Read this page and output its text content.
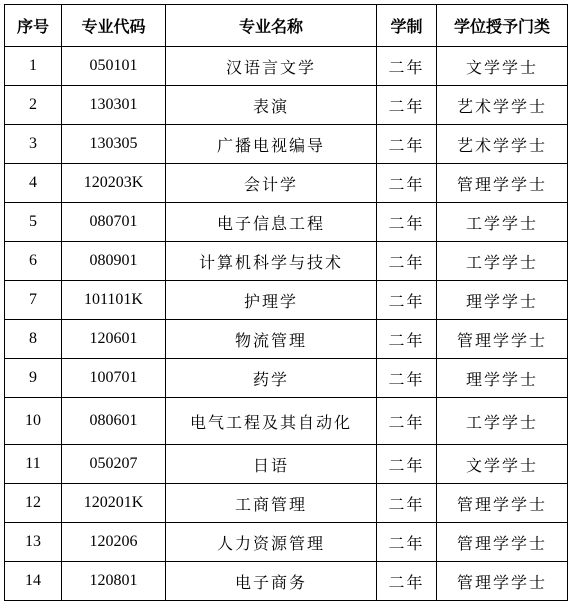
序号	专业代码	专业名称	学制	学位授予门类
1	050101	汉语言文学	二年	文学学士
2	130301	表演	二年	艺术学学士
3	130305	广播电视编导	二年	艺术学学士
4	120203K	会计学	二年	管理学学士
5	080701	电子信息工程	二年	工学学士
6	080901	计算机科学与技术	二年	工学学士
7	101101K	护理学	二年	理学学士
8	120601	物流管理	二年	管理学学士
9	100701	药学	二年	理学学士
10	080601	电气工程及其自动化	二年	工学学士
11	050207	日语	二年	文学学士
12	120201K	工商管理	二年	管理学学士
13	120206	人力资源管理	二年	管理学学士
14	120801	电子商务	二年	管理学学士
